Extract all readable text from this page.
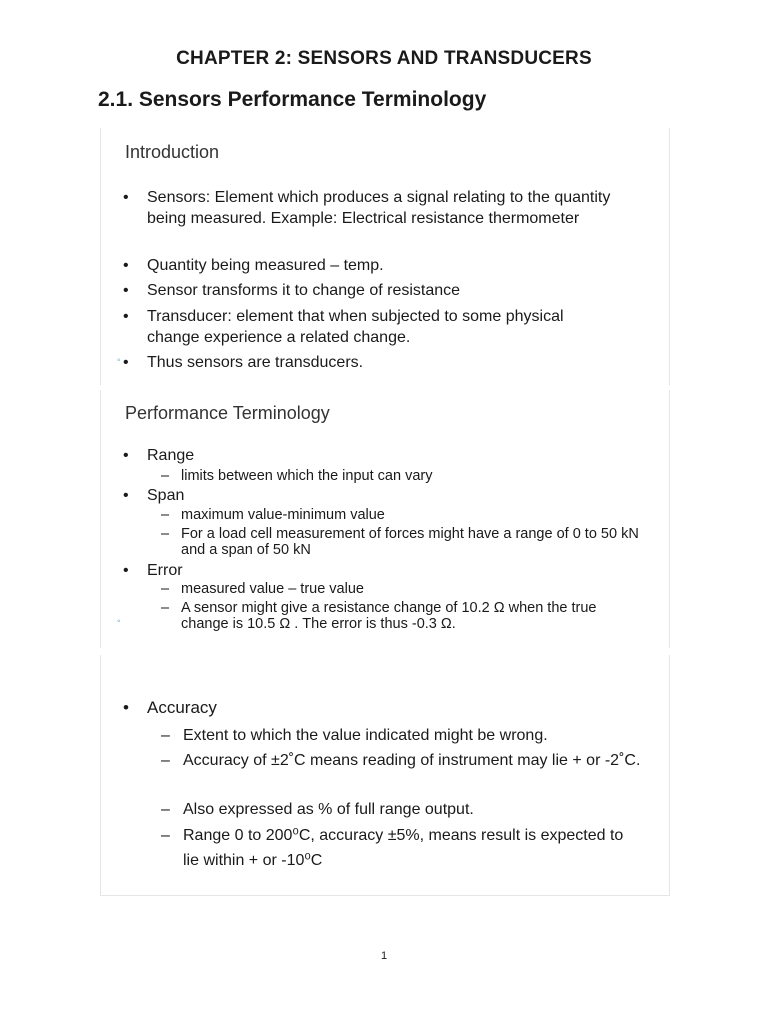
CHAPTER 2: SENSORS AND TRANSDUCERS
2.1. Sensors Performance Terminology
Introduction
•	Sensors: Element which produces a signal relating to the quantity being measured. Example: Electrical resistance thermometer
•	Quantity being measured – temp.
•	Sensor transforms it to change of resistance
•	Transducer: element that when subjected to some physical change experience a related change.
•	Thus sensors are transducers.
◦
Performance Terminology
•	Range
– limits between which the input can vary
•	Span
– maximum value-minimum value
– For a load cell measurement of forces might have a range of 0 to 50 kN and a span of 50 kN
•	Error
– measured value – true value
– A sensor might give a resistance change of 10.2 Ω when the true change is 10.5 Ω . The error is thus -0.3 Ω.
◦
•	Accuracy
– Extent to which the value indicated might be wrong.
– Accuracy of ±2˚C means reading of instrument may lie + or -2˚C.
– Also expressed as % of full range output.
– Range 0 to 200⁰C, accuracy ±5%, means result is expected to lie within + or -10⁰C
1
